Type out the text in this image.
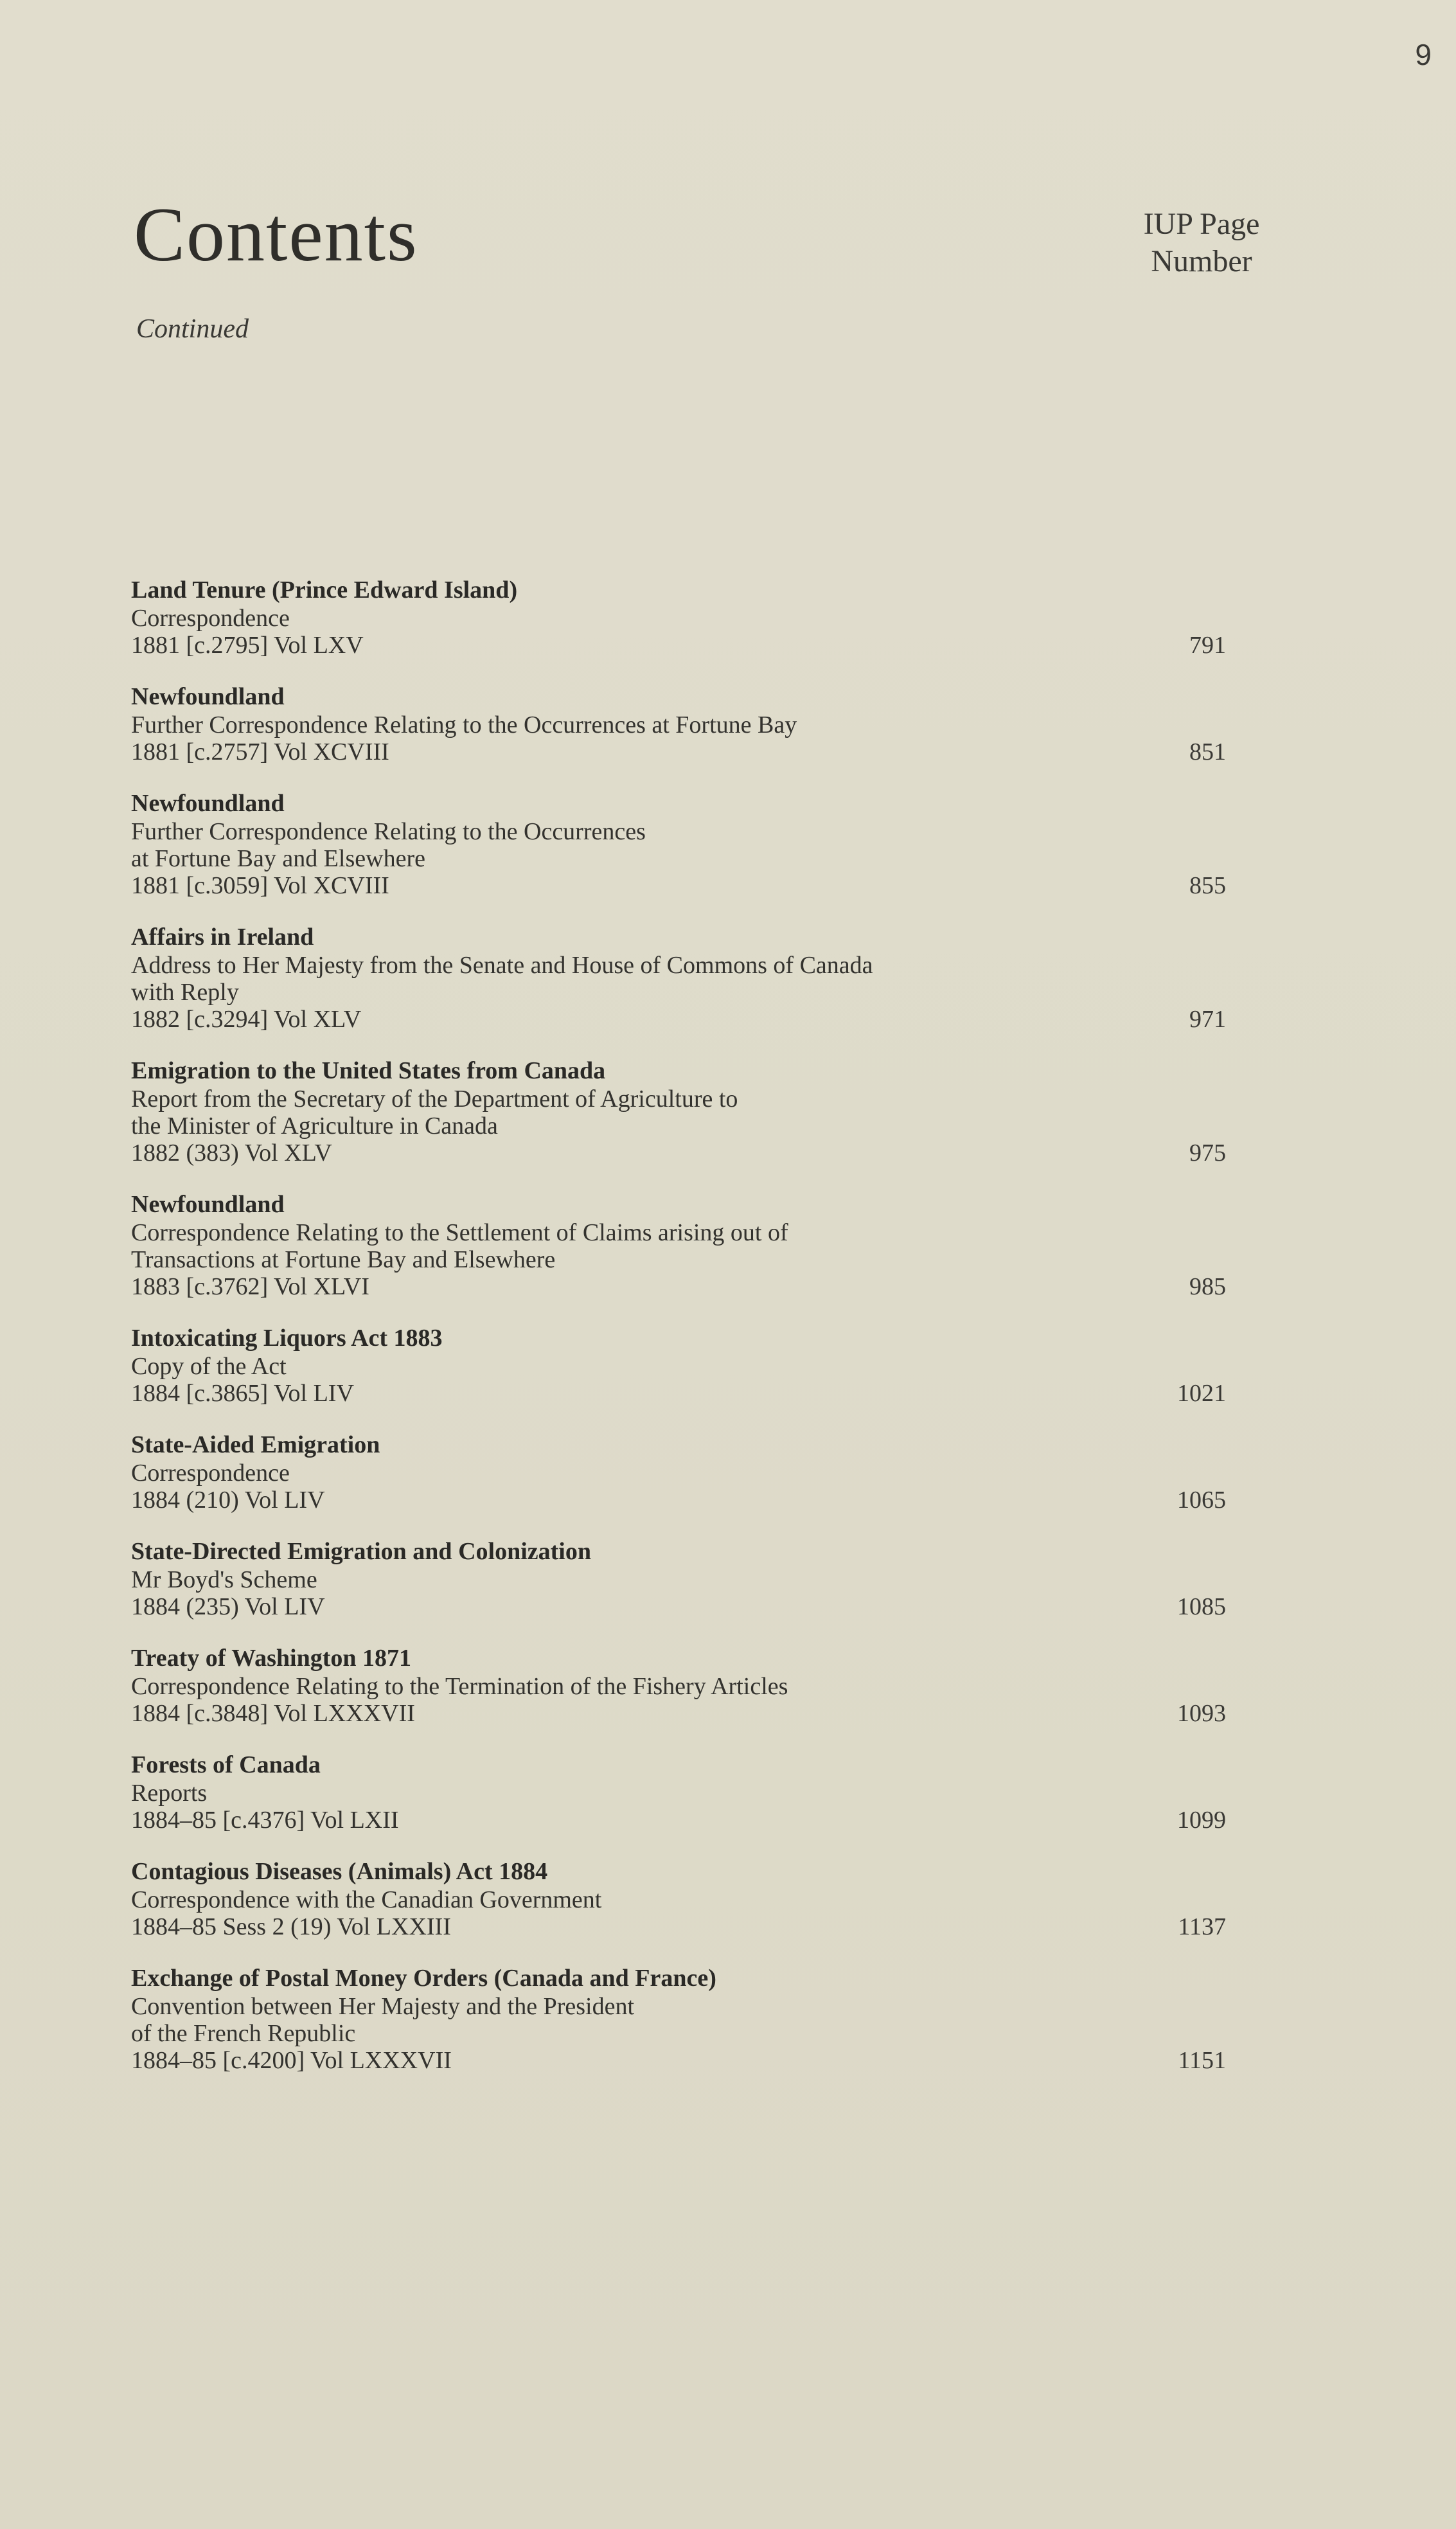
9
Contents
Continued
IUP Page
Number
Land Tenure (Prince Edward Island)
Correspondence
1881 [c.2795] Vol LXV	791
Newfoundland
Further Correspondence Relating to the Occurrences at Fortune Bay
1881 [c.2757] Vol XCVIII	851
Newfoundland
Further Correspondence Relating to the Occurrences
at Fortune Bay and Elsewhere
1881 [c.3059] Vol XCVIII	855
Affairs in Ireland
Address to Her Majesty from the Senate and House of Commons of Canada
with Reply
1882 [c.3294] Vol XLV	971
Emigration to the United States from Canada
Report from the Secretary of the Department of Agriculture to
the Minister of Agriculture in Canada
1882 (383) Vol XLV	975
Newfoundland
Correspondence Relating to the Settlement of Claims arising out of
Transactions at Fortune Bay and Elsewhere
1883 [c.3762] Vol XLVI	985
Intoxicating Liquors Act 1883
Copy of the Act
1884 [c.3865] Vol LIV	1021
State-Aided Emigration
Correspondence
1884 (210) Vol LIV	1065
State-Directed Emigration and Colonization
Mr Boyd's Scheme
1884 (235) Vol LIV	1085
Treaty of Washington 1871
Correspondence Relating to the Termination of the Fishery Articles
1884 [c.3848] Vol LXXXVII	1093
Forests of Canada
Reports
1884–85 [c.4376] Vol LXII	1099
Contagious Diseases (Animals) Act 1884
Correspondence with the Canadian Government
1884–85 Sess 2 (19) Vol LXXIII	1137
Exchange of Postal Money Orders (Canada and France)
Convention between Her Majesty and the President
of the French Republic
1884–85 [c.4200] Vol LXXXVII	1151
